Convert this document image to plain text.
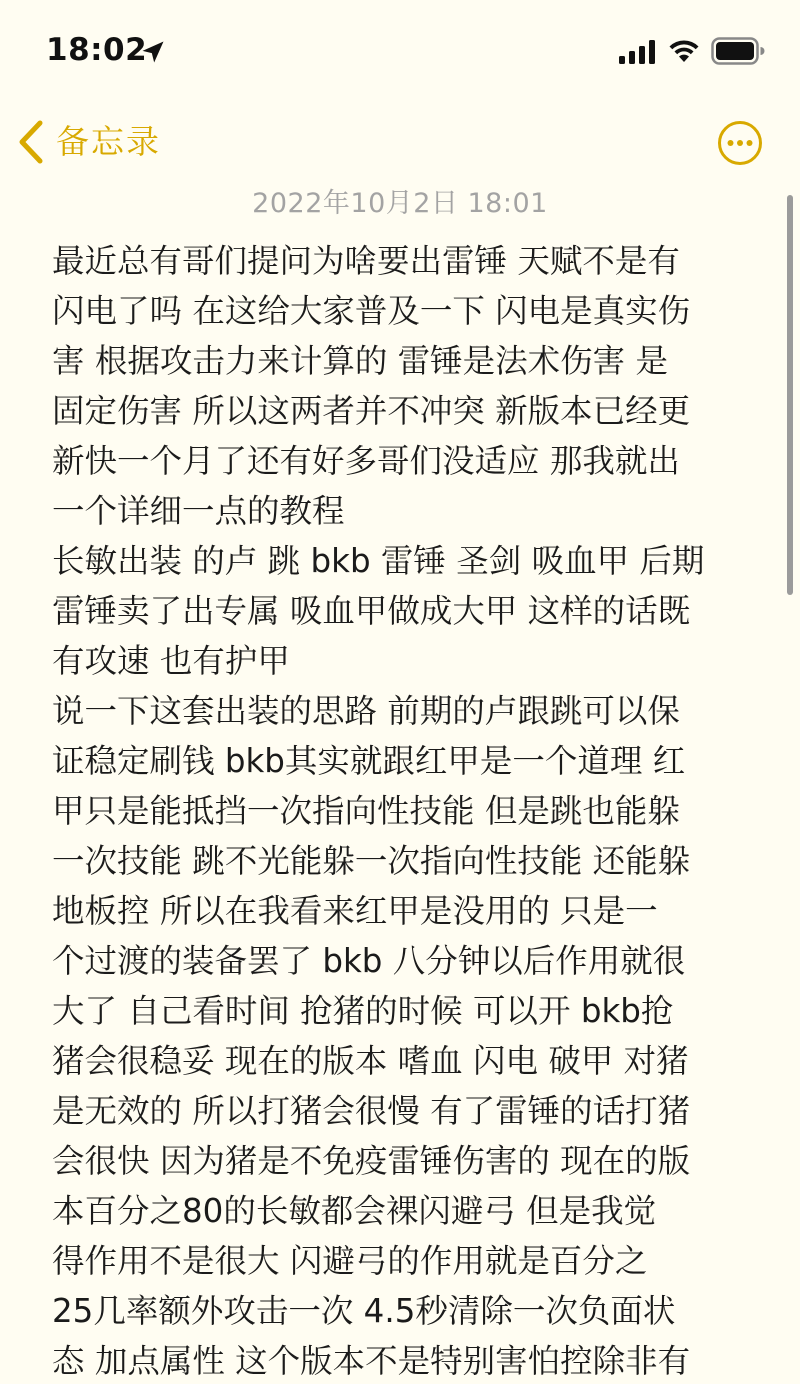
18:02
备忘录
2022年10月2日 18:01
最近总有哥们提问为啥要出雷锤 天赋不是有
闪电了吗 在这给大家普及一下 闪电是真实伤
害 根据攻击力来计算的 雷锤是法术伤害 是
固定伤害 所以这两者并不冲突 新版本已经更
新快一个月了还有好多哥们没适应 那我就出
一个详细一点的教程
长敏出装 的卢 跳 bkb 雷锤 圣剑 吸血甲 后期
雷锤卖了出专属 吸血甲做成大甲 这样的话既
有攻速 也有护甲
说一下这套出装的思路 前期的卢跟跳可以保
证稳定刷钱 bkb其实就跟红甲是一个道理 红
甲只是能抵挡一次指向性技能 但是跳也能躲
一次技能 跳不光能躲一次指向性技能 还能躲
地板控 所以在我看来红甲是没用的 只是一
个过渡的装备罢了 bkb 八分钟以后作用就很
大了 自己看时间 抢猪的时候 可以开 bkb抢
猪会很稳妥 现在的版本 嗜血 闪电 破甲 对猪
是无效的 所以打猪会很慢 有了雷锤的话打猪
会很快 因为猪是不免疫雷锤伤害的 现在的版
本百分之80的长敏都会裸闪避弓 但是我觉
得作用不是很大 闪避弓的作用就是百分之
25几率额外攻击一次 4.5秒清除一次负面状
态 加点属性 这个版本不是特别害怕控除非有
